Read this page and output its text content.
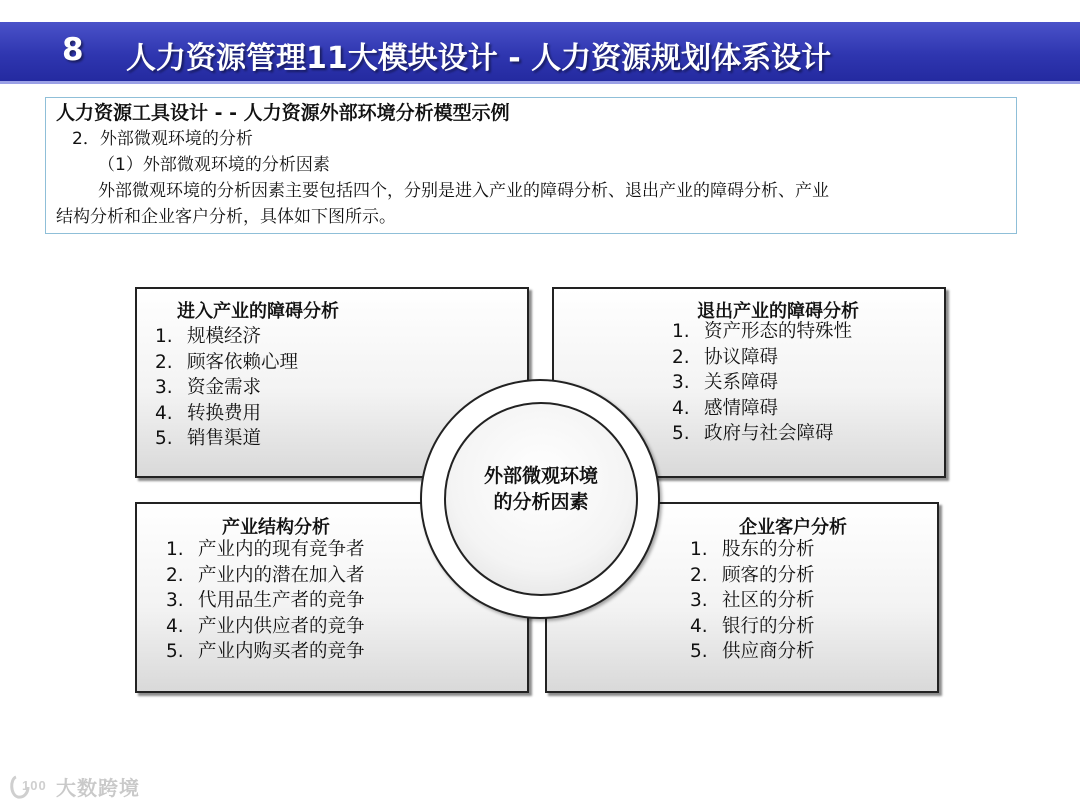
8 人力资源管理11大模块设计 - 人力资源规划体系设计
人力资源工具设计 - - 人力资源外部环境分析模型示例
2．外部微观环境的分析
（1）外部微观环境的分析因素
外部微观环境的分析因素主要包括四个，分别是进入产业的障碍分析、退出产业的障碍分析、产业
结构分析和企业客户分析，具体如下图所示。
进入产业的障碍分析
1. 规模经济
2. 顾客依赖心理
3. 资金需求
4. 转换费用
5. 销售渠道
退出产业的障碍分析
1. 资产形态的特殊性
2. 协议障碍
3. 关系障碍
4. 感情障碍
5. 政府与社会障碍
产业结构分析
1. 产业内的现有竞争者
2. 产业内的潜在加入者
3. 代用品生产者的竞争
4. 产业内供应者的竞争
5. 产业内购买者的竞争
企业客户分析
1. 股东的分析
2. 顾客的分析
3. 社区的分析
4. 银行的分析
5. 供应商分析
外部微观环境
的分析因素
100 大数跨境
